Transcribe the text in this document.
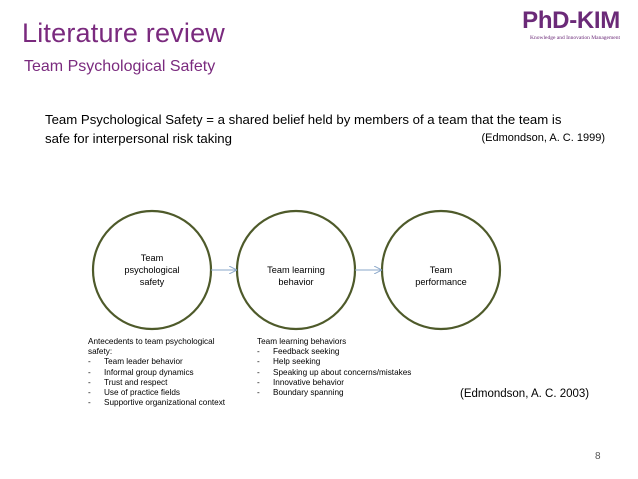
Literature review
Team Psychological Safety
PhD-KIM
Knowledge and Innovation Management
Team Psychological Safety = a shared belief held by members of a team that the team is
safe for interpersonal risk taking	(Edmondson, A. C. 1999)
Team
psychological
safety
Team learning
behavior
Team
performance
Antecedents to team psychological
safety:
-	Team leader behavior
-	Informal group dynamics
-	Trust and respect
-	Use of practice fields
-	Supportive organizational context
Team learning behaviors
-	Feedback seeking
-	Help seeking
-	Speaking up about concerns/mistakes
-	Innovative behavior
-	Boundary spanning	(Edmondson, A. C. 2003)
8
